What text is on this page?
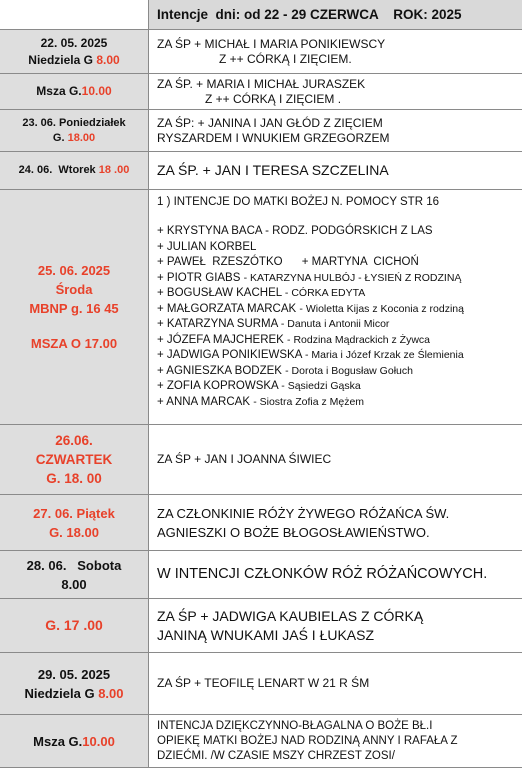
Intencje  dni: od 22 - 29 CZERWCA    ROK: 2025
22. 05. 2025
Niedziela G 8.00
ZA ŚP + MICHAŁ I MARIA PONIKIEWSCY
Z ++ CÓRKĄ I ZIĘCIEM.
Msza G.10.00
ZA ŚP. + MARIA I MICHAŁ JURASZEK
Z ++ CÓRKĄ I ZIĘCIEM .
23. 06. Poniedziałek
G. 18.00
ZA ŚP: + JANINA I JAN GŁÓD Z ZIĘCIEM
RYSZARDEM I WNUKIEM GRZEGORZEM
24. 06.  Wtorek 18 .00 ZA ŚP. + JAN I TERESA SZCZELINA
25. 06. 2025
Środa
MBNP g. 16 45
MSZA O 17.00
1 ) INTENCJE DO MATKI BOŻEJ N. POMOCY STR 16
+ KRYSTYNA BACA - RODZ. PODGÓRSKICH Z LAS
+ JULIAN KORBEL
+ PAWEŁ  RZESZÓTKO      + MARTYNA  CICHOŃ
+ PIOTR GIABS - KATARZYNA HULBÓJ - ŁYSIEŃ Z RODZINĄ
+ BOGUSŁAW KACHEL - CÓRKA EDYTA
+ MAŁGORZATA MARCAK - Wioletta Kijas z Koconia z rodziną
+ KATARZYNA SURMA - Danuta i Antonii Micor
+ JÓZEFA MAJCHEREK - Rodzina Mądrackich z Żywca
+ JADWIGA PONIKIEWSKA - Maria i Józef Krzak ze Ślemienia
+ AGNIESZKA BODZEK - Dorota i Bogusław Gołuch
+ ZOFIA KOPROWSKA - Sąsiedzi Gąska
+ ANNA MARCAK - Siostra Zofia z Mężem
26.06.
CZWARTEK
G. 18. 00
ZA ŚP + JAN I JOANNA ŚIWIEC
27. 06. Piątek
G. 18.00
ZA CZŁONKINIE RÓŻY ŻYWEGO RÓŻAŃCA ŚW.
AGNIESZKI O BOŻE BŁOGOSŁAWIEŃSTWO.
28. 06.   Sobota
8.00
W INTENCJI CZŁONKÓW RÓŻ RÓŻAŃCOWYCH.
G. 17 .00
ZA ŚP + JADWIGA KAUBIELAS Z CÓRKĄ
JANINĄ WNUKAMI JAŚ I ŁUKASZ
29. 05. 2025
Niedziela G 8.00
ZA ŚP + TEOFILĘ LENART W 21 R ŚM
Msza G.10.00
INTENCJA DZIĘKCZYNNO-BŁAGALNA O BOŻE BŁ.I
OPIEKĘ MATKI BOŻEJ NAD RODZINĄ ANNY I RAFAŁA Z
DZIEĆMI. /W CZASIE MSZY CHRZEST ZOSI/
